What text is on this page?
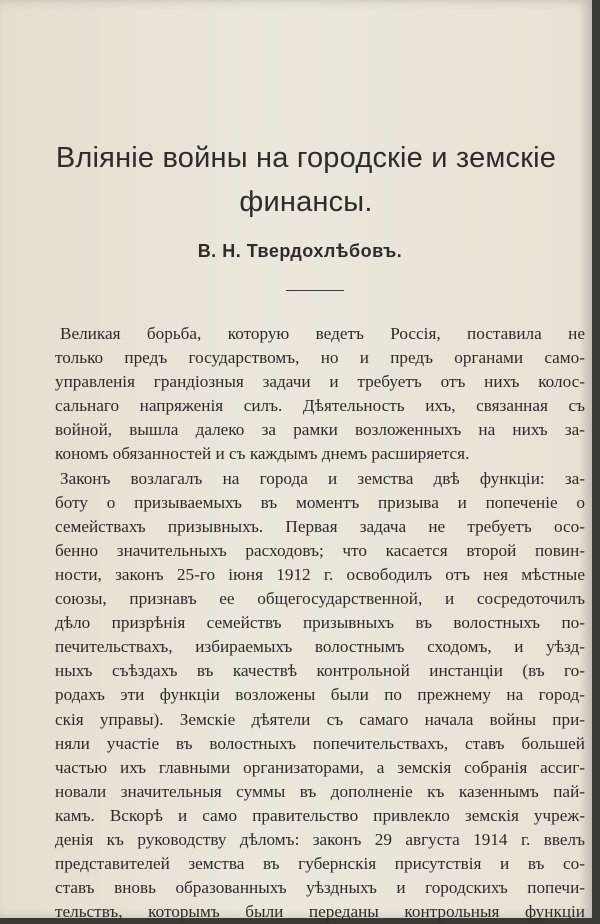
Влiянiе войны на городскiе и земскiе
финансы.
В. Н. Твердохлѣбовъ.
Великая борьба, которую ведетъ Россія, поставила не
только предъ государствомъ, но и предъ органами само-
управленія грандіозныя задачи и требуетъ отъ нихъ колос-
сальнаго напряженія силъ. Дѣятельность ихъ, связанная съ
войной, вышла далеко за рамки возложенныхъ на нихъ за-
кономъ обязанностей и съ каждымъ днемъ расширяется.
Законъ возлагалъ на города и земства двѣ функціи: за-
боту о призываемыхъ въ моментъ призыва и попеченіе о
семействахъ призывныхъ. Первая задача не требуетъ осо-
бенно значительныхъ расходовъ; что касается второй повин-
ности, законъ 25-го іюня 1912 г. освободилъ отъ нея мѣстные
союзы, признавъ ее общегосударственной, и сосредоточилъ
дѣло призрѣнія семействъ призывныхъ въ волостныхъ по-
печительствахъ, избираемыхъ волостнымъ сходомъ, и уѣзд-
ныхъ съѣздахъ въ качествѣ контрольной инстанціи (въ го-
родахъ эти функціи возложены были по прежнему на город-
скія управы). Земскіе дѣятели съ самаго начала войны при-
няли участіе въ волостныхъ попечительствахъ, ставъ большей
частью ихъ главными организаторами, а земскія собранія ассиг-
новали значительныя суммы въ дополненіе къ казеннымъ пай-
камъ. Вскорѣ и само правительство привлекло земскія учреж-
денія къ руководству дѣломъ: законъ 29 августа 1914 г. ввелъ
представителей земства въ губернскія присутствія и въ со-
ставъ вновь образованныхъ уѣздныхъ и городскихъ попечи-
тельствъ, которымъ были переданы контрольныя функціи
